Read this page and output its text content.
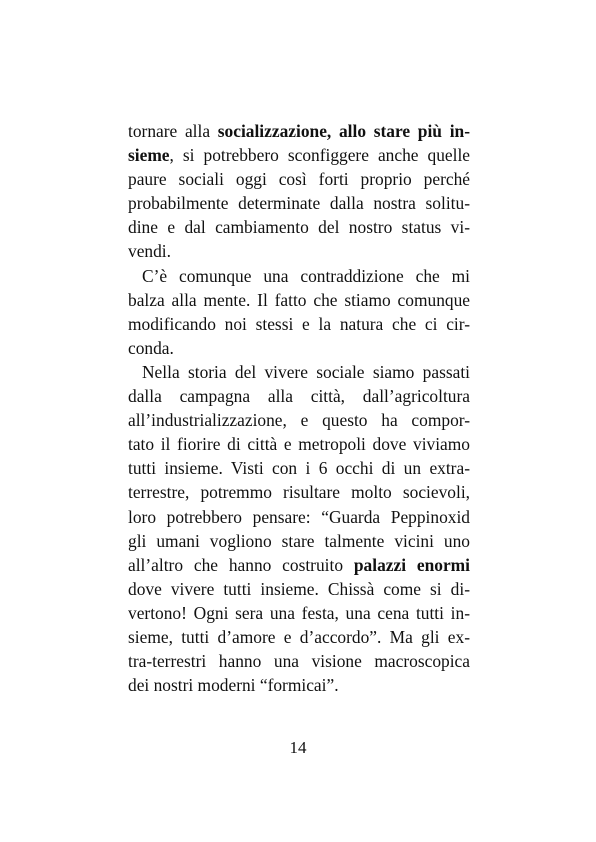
tornare alla socializzazione, allo stare più in-
sieme, si potrebbero sconfiggere anche quelle
paure sociali oggi così forti proprio perché
probabilmente determinate dalla nostra solitu-
dine e dal cambiamento del nostro status vi-
vendi.
C’è comunque una contraddizione che mi
balza alla mente. Il fatto che stiamo comunque
modificando noi stessi e la natura che ci cir-
conda.
Nella storia del vivere sociale siamo passati
dalla campagna alla città, dall’agricoltura
all’industrializzazione, e questo ha compor-
tato il fiorire di città e metropoli dove viviamo
tutti insieme. Visti con i 6 occhi di un extra-
terrestre, potremmo risultare molto socievoli,
loro potrebbero pensare: “Guarda Peppinoxid
gli umani vogliono stare talmente vicini uno
all’altro che hanno costruito palazzi enormi
dove vivere tutti insieme. Chissà come si di-
vertono! Ogni sera una festa, una cena tutti in-
sieme, tutti d’amore e d’accordo”. Ma gli ex-
tra-terrestri hanno una visione macroscopica
dei nostri moderni “formicai”.
14
